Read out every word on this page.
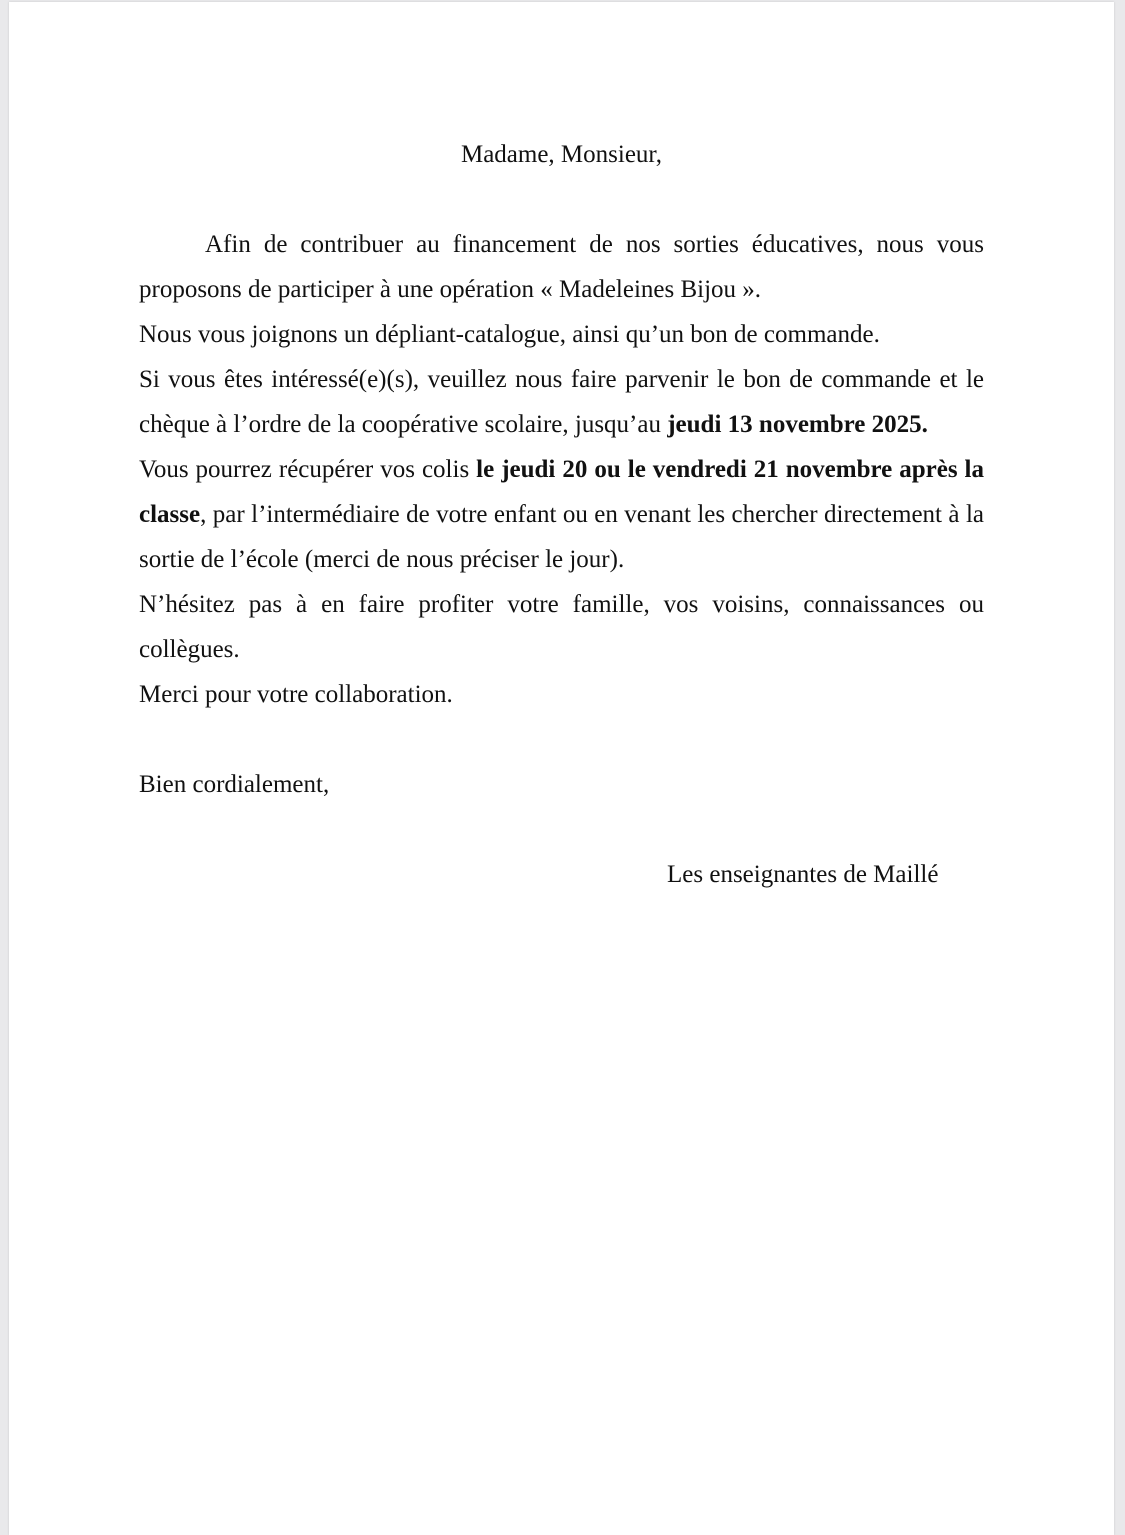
Madame, Monsieur,

Afin de contribuer au financement de nos sorties éducatives, nous vous proposons de participer à une opération « Madeleines Bijou ».

Nous vous joignons un dépliant-catalogue, ainsi qu’un bon de commande.

Si vous êtes intéressé(e)(s), veuillez nous faire parvenir le bon de commande et le chèque à l’ordre de la coopérative scolaire, jusqu’au jeudi 13 novembre 2025.

Vous pourrez récupérer vos colis le jeudi 20 ou le vendredi 21 novembre après la classe, par l’intermédiaire de votre enfant ou en venant les chercher directement à la sortie de l’école (merci de nous préciser le jour).

N’hésitez pas à en faire profiter votre famille, vos voisins, connaissances ou collègues.

Merci pour votre collaboration.

Bien cordialement,

Les enseignantes de Maillé
